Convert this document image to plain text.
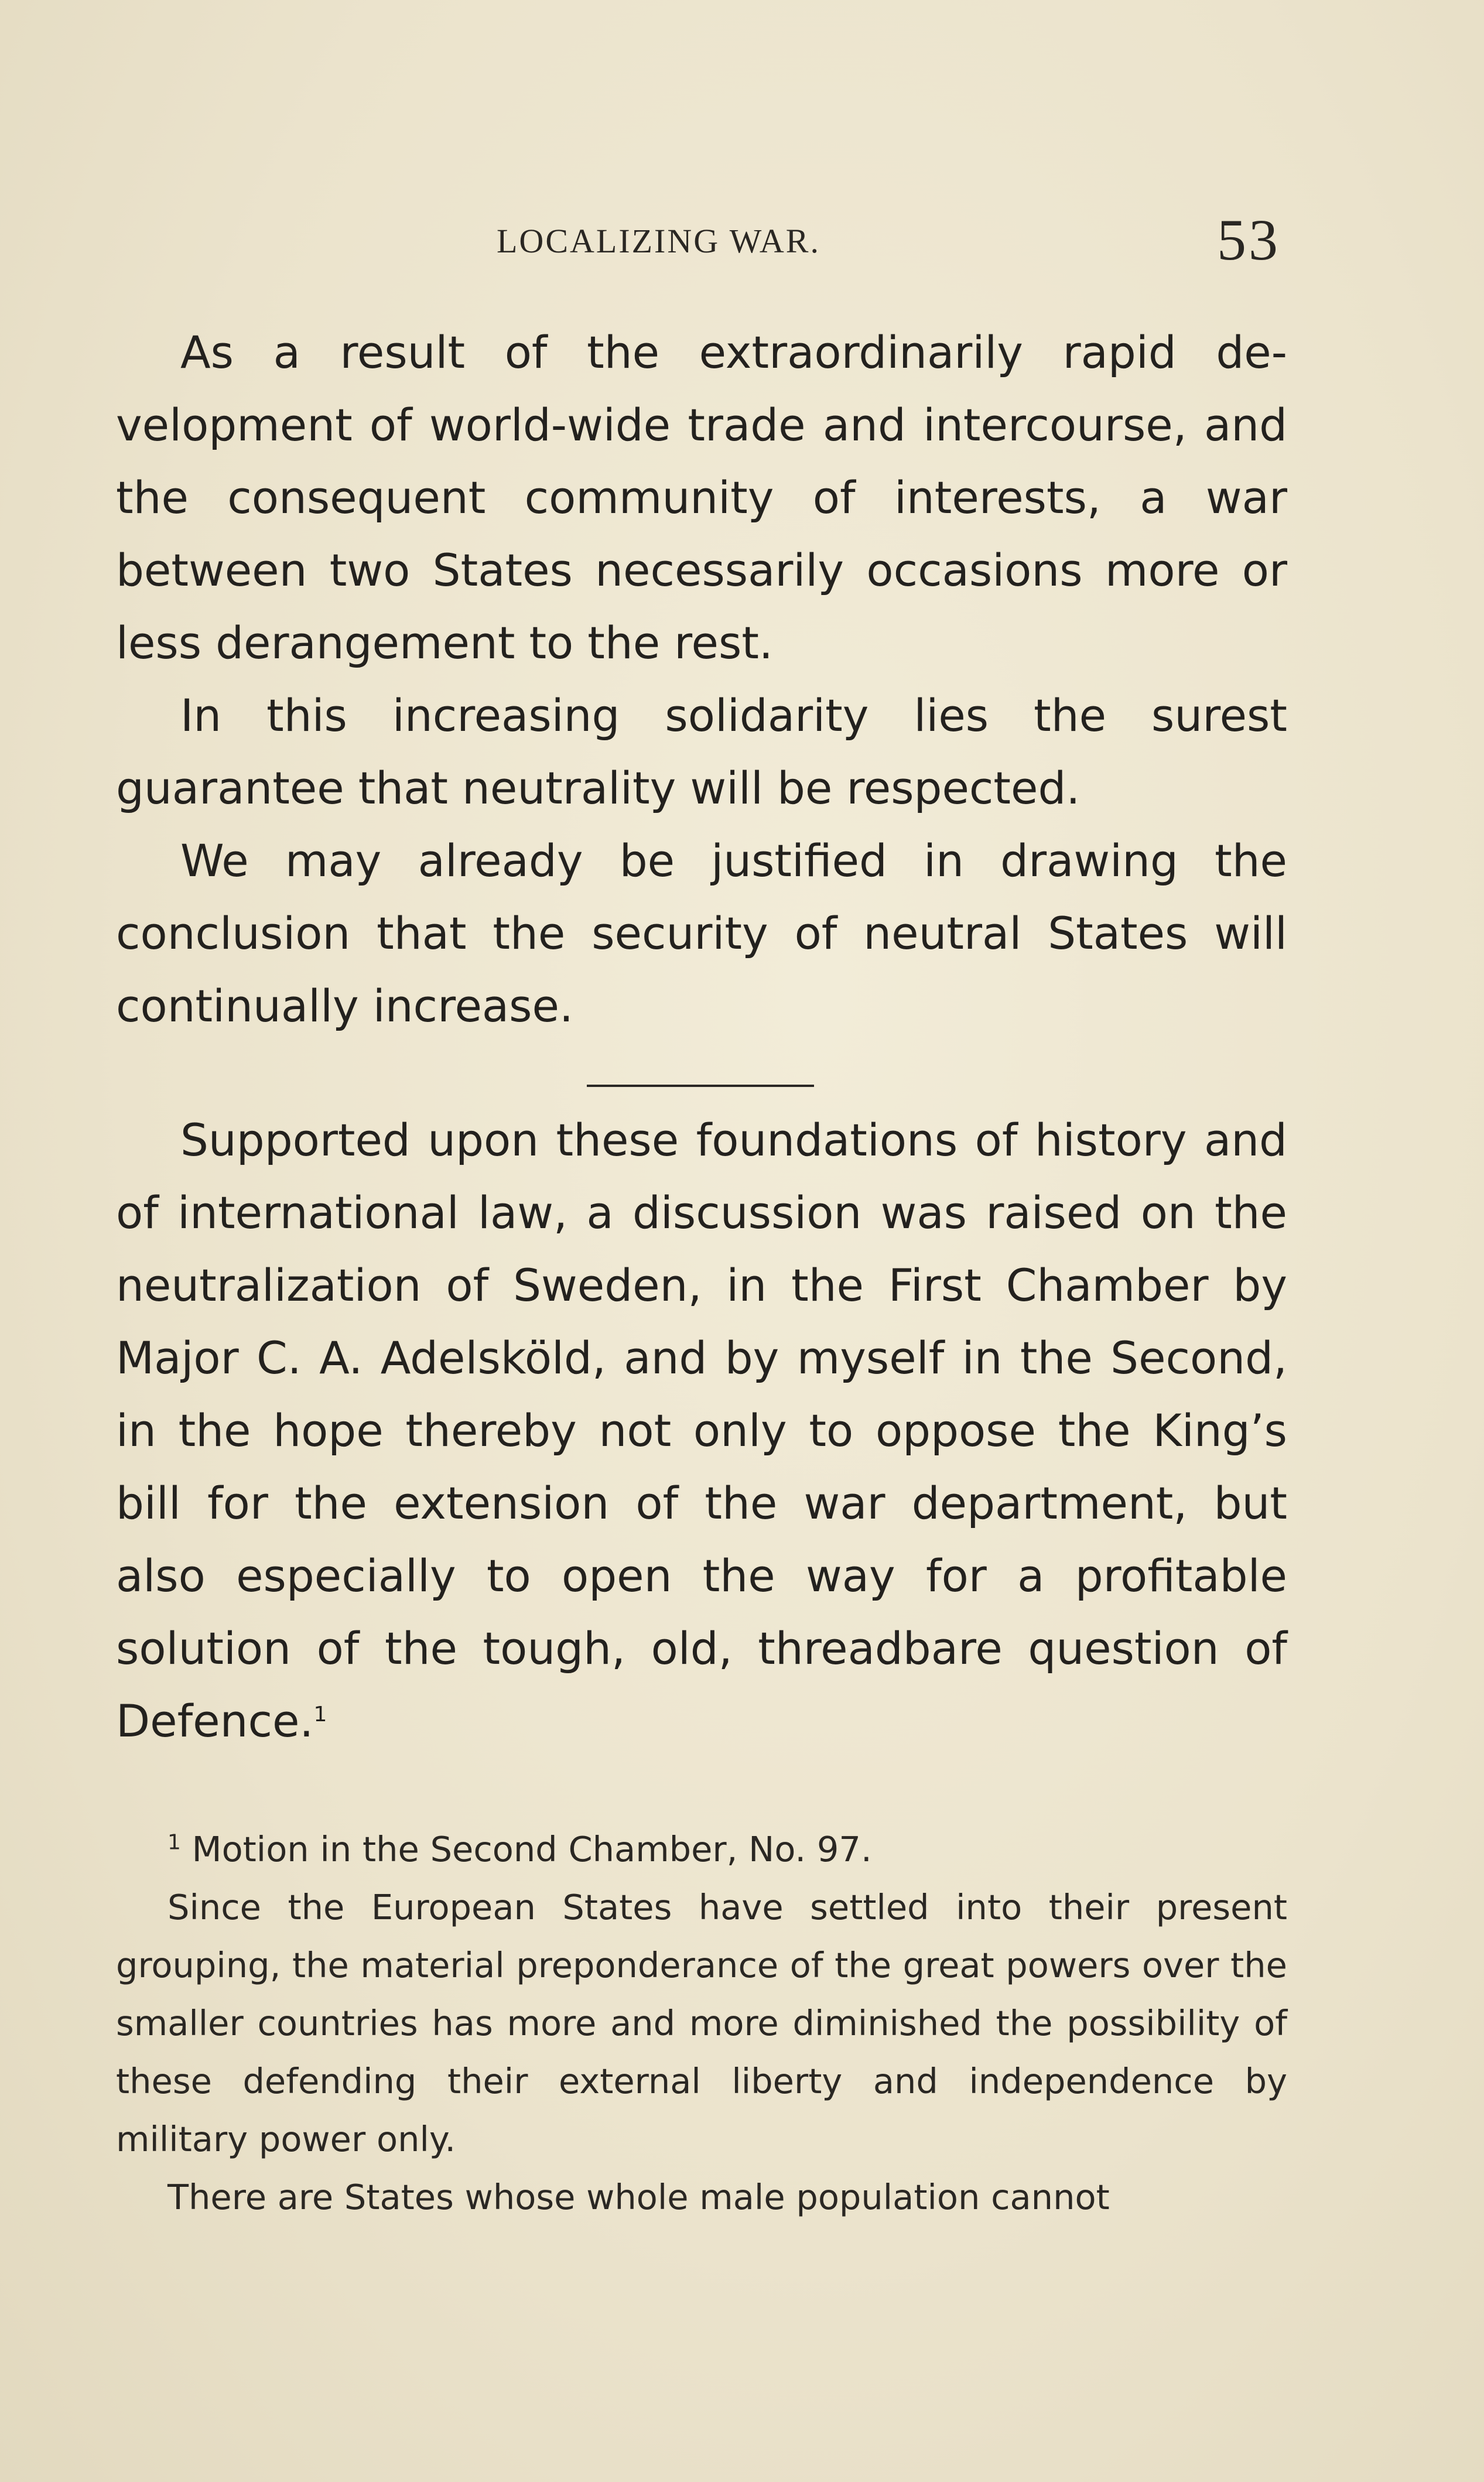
LOCALIZING WAR.	53

As a result of the extraordinarily rapid development of world-wide trade and intercourse, and the consequent community of interests, a war between two States necessarily occasions more or less derangement to the rest.

In this increasing solidarity lies the surest guarantee that neutrality will be respected.

We may already be justified in drawing the conclusion that the security of neutral States will continually increase.

Supported upon these foundations of history and of international law, a discussion was raised on the neutralization of Sweden, in the First Chamber by Major C. A. Adelsköld, and by myself in the Second, in the hope thereby not only to oppose the King’s bill for the extension of the war department, but also especially to open the way for a profitable solution of the tough, old, threadbare question of Defence.$^1$

$^1$ Motion in the Second Chamber, No. 97.

Since the European States have settled into their present grouping, the material preponderance of the great powers over the smaller countries has more and more diminished the possibility of these defending their external liberty and independence by military power only.

There are States whose whole male population cannot
